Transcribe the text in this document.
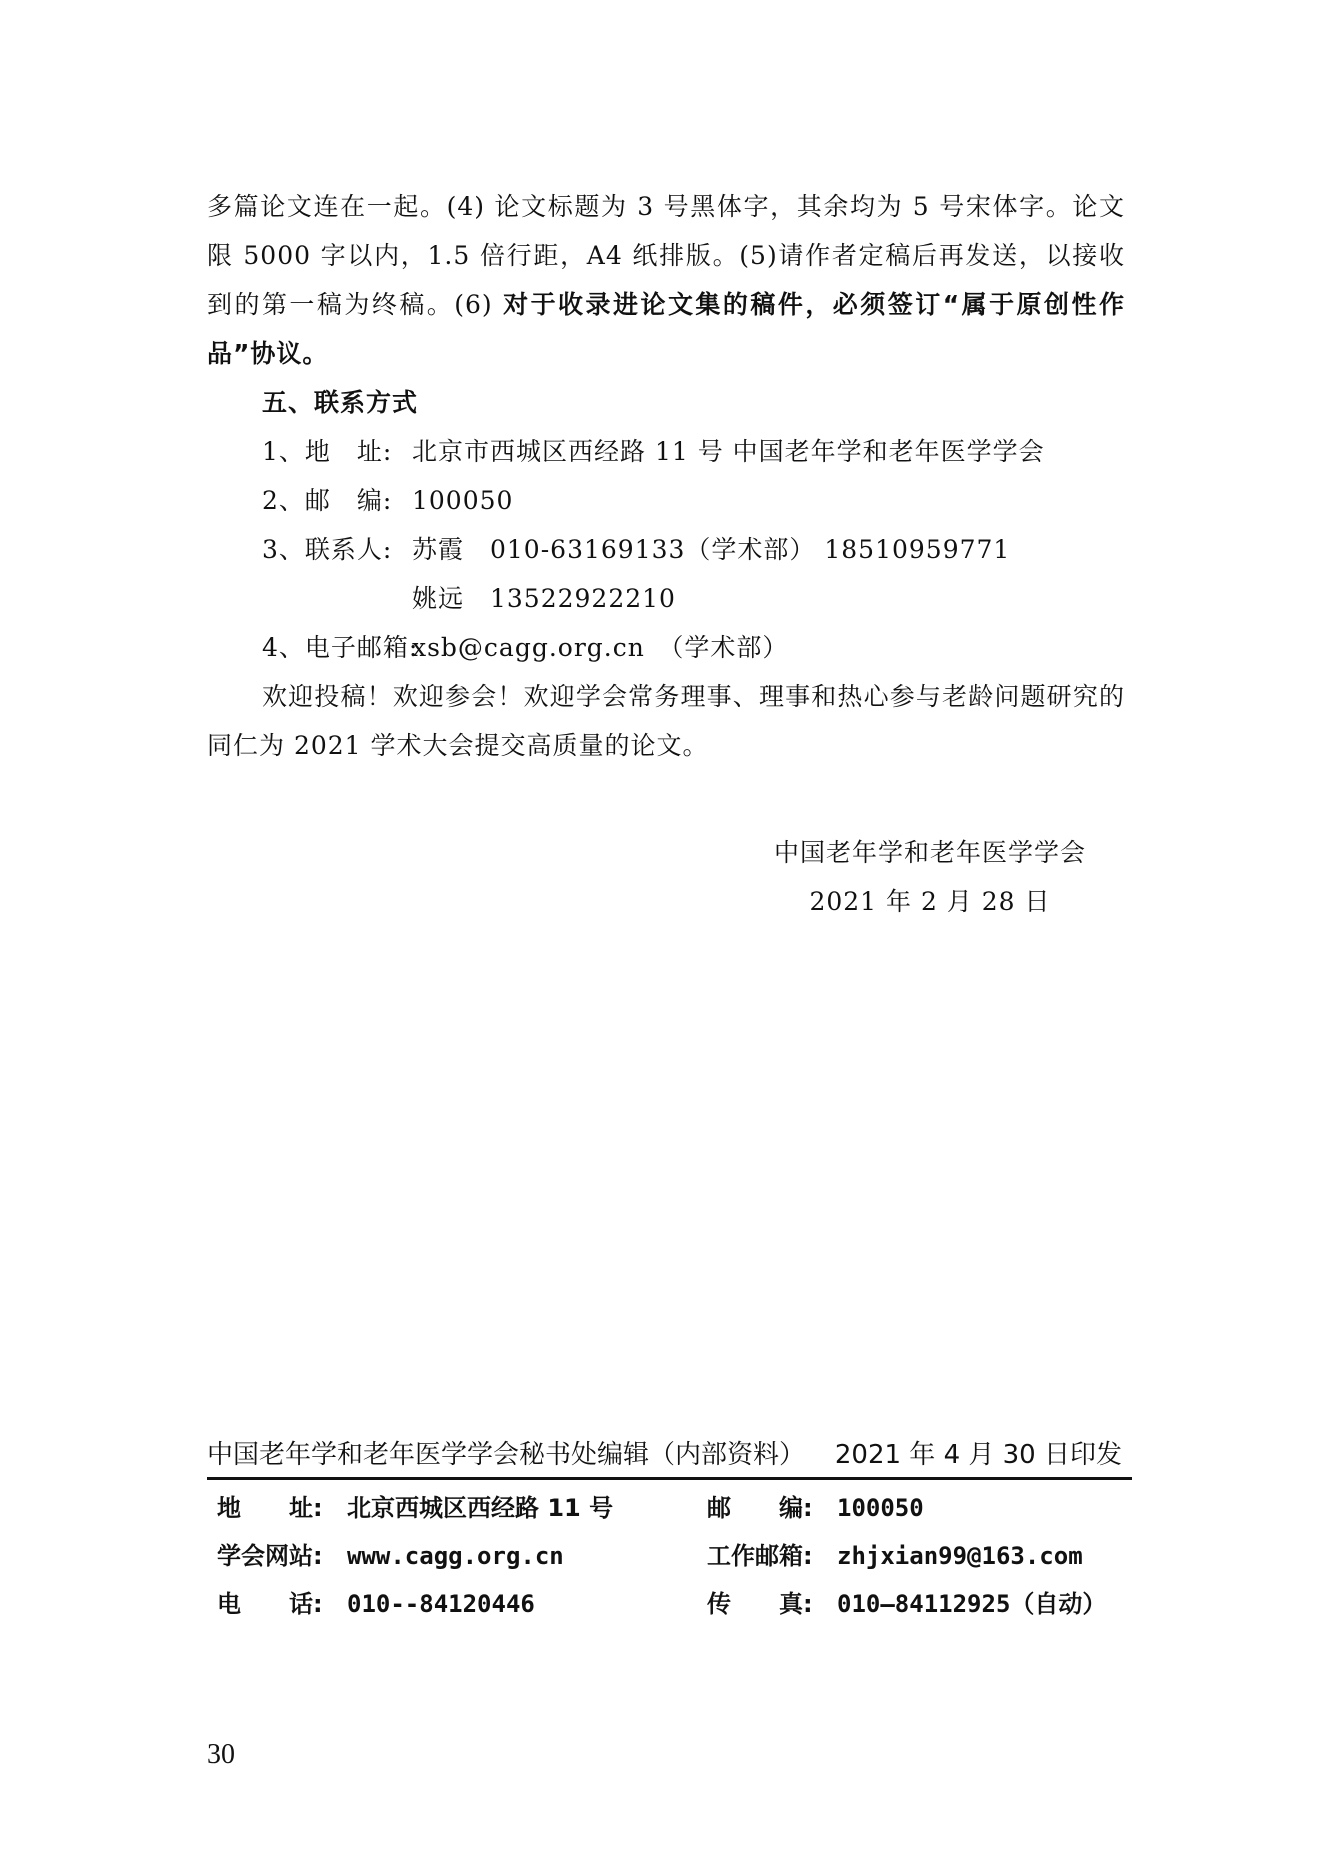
多篇论文连在一起。(4) 论文标题为 3 号黑体字，其余均为 5 号宋体字。论文限 5000 字以内，1.5 倍行距，A4 纸排版。(5)请作者定稿后再发送，以接收到的第一稿为终稿。(6) 对于收录进论文集的稿件，必须签订“属于原创性作品”协议。

五、联系方式

1、地　址: 北京市西城区西经路 11 号 中国老年学和老年医学学会

2、邮　编: 100050

3、联系人: 苏霞　010-63169133（学术部） 18510959771

姚远　13522922210

4、电子邮箱:xsb@cagg.org.cn　（学术部）

欢迎投稿！欢迎参会！欢迎学会常务理事、理事和热心参与老龄问题研究的同仁为 2021 学术大会提交高质量的论文。

中国老年学和老年医学学会
2021 年 2 月 28 日
中国老年学和老年医学学会秘书处编辑（内部资料） 2021 年 4 月 30 日印发
地　　址: 北京西城区西经路 11 号	邮　　编: 100050
学会网站: www.cagg.org.cn	工作邮箱: zhjxian99@163.com
电　　话: 010--84120446	传　　真: 010—84112925（自动）
30
